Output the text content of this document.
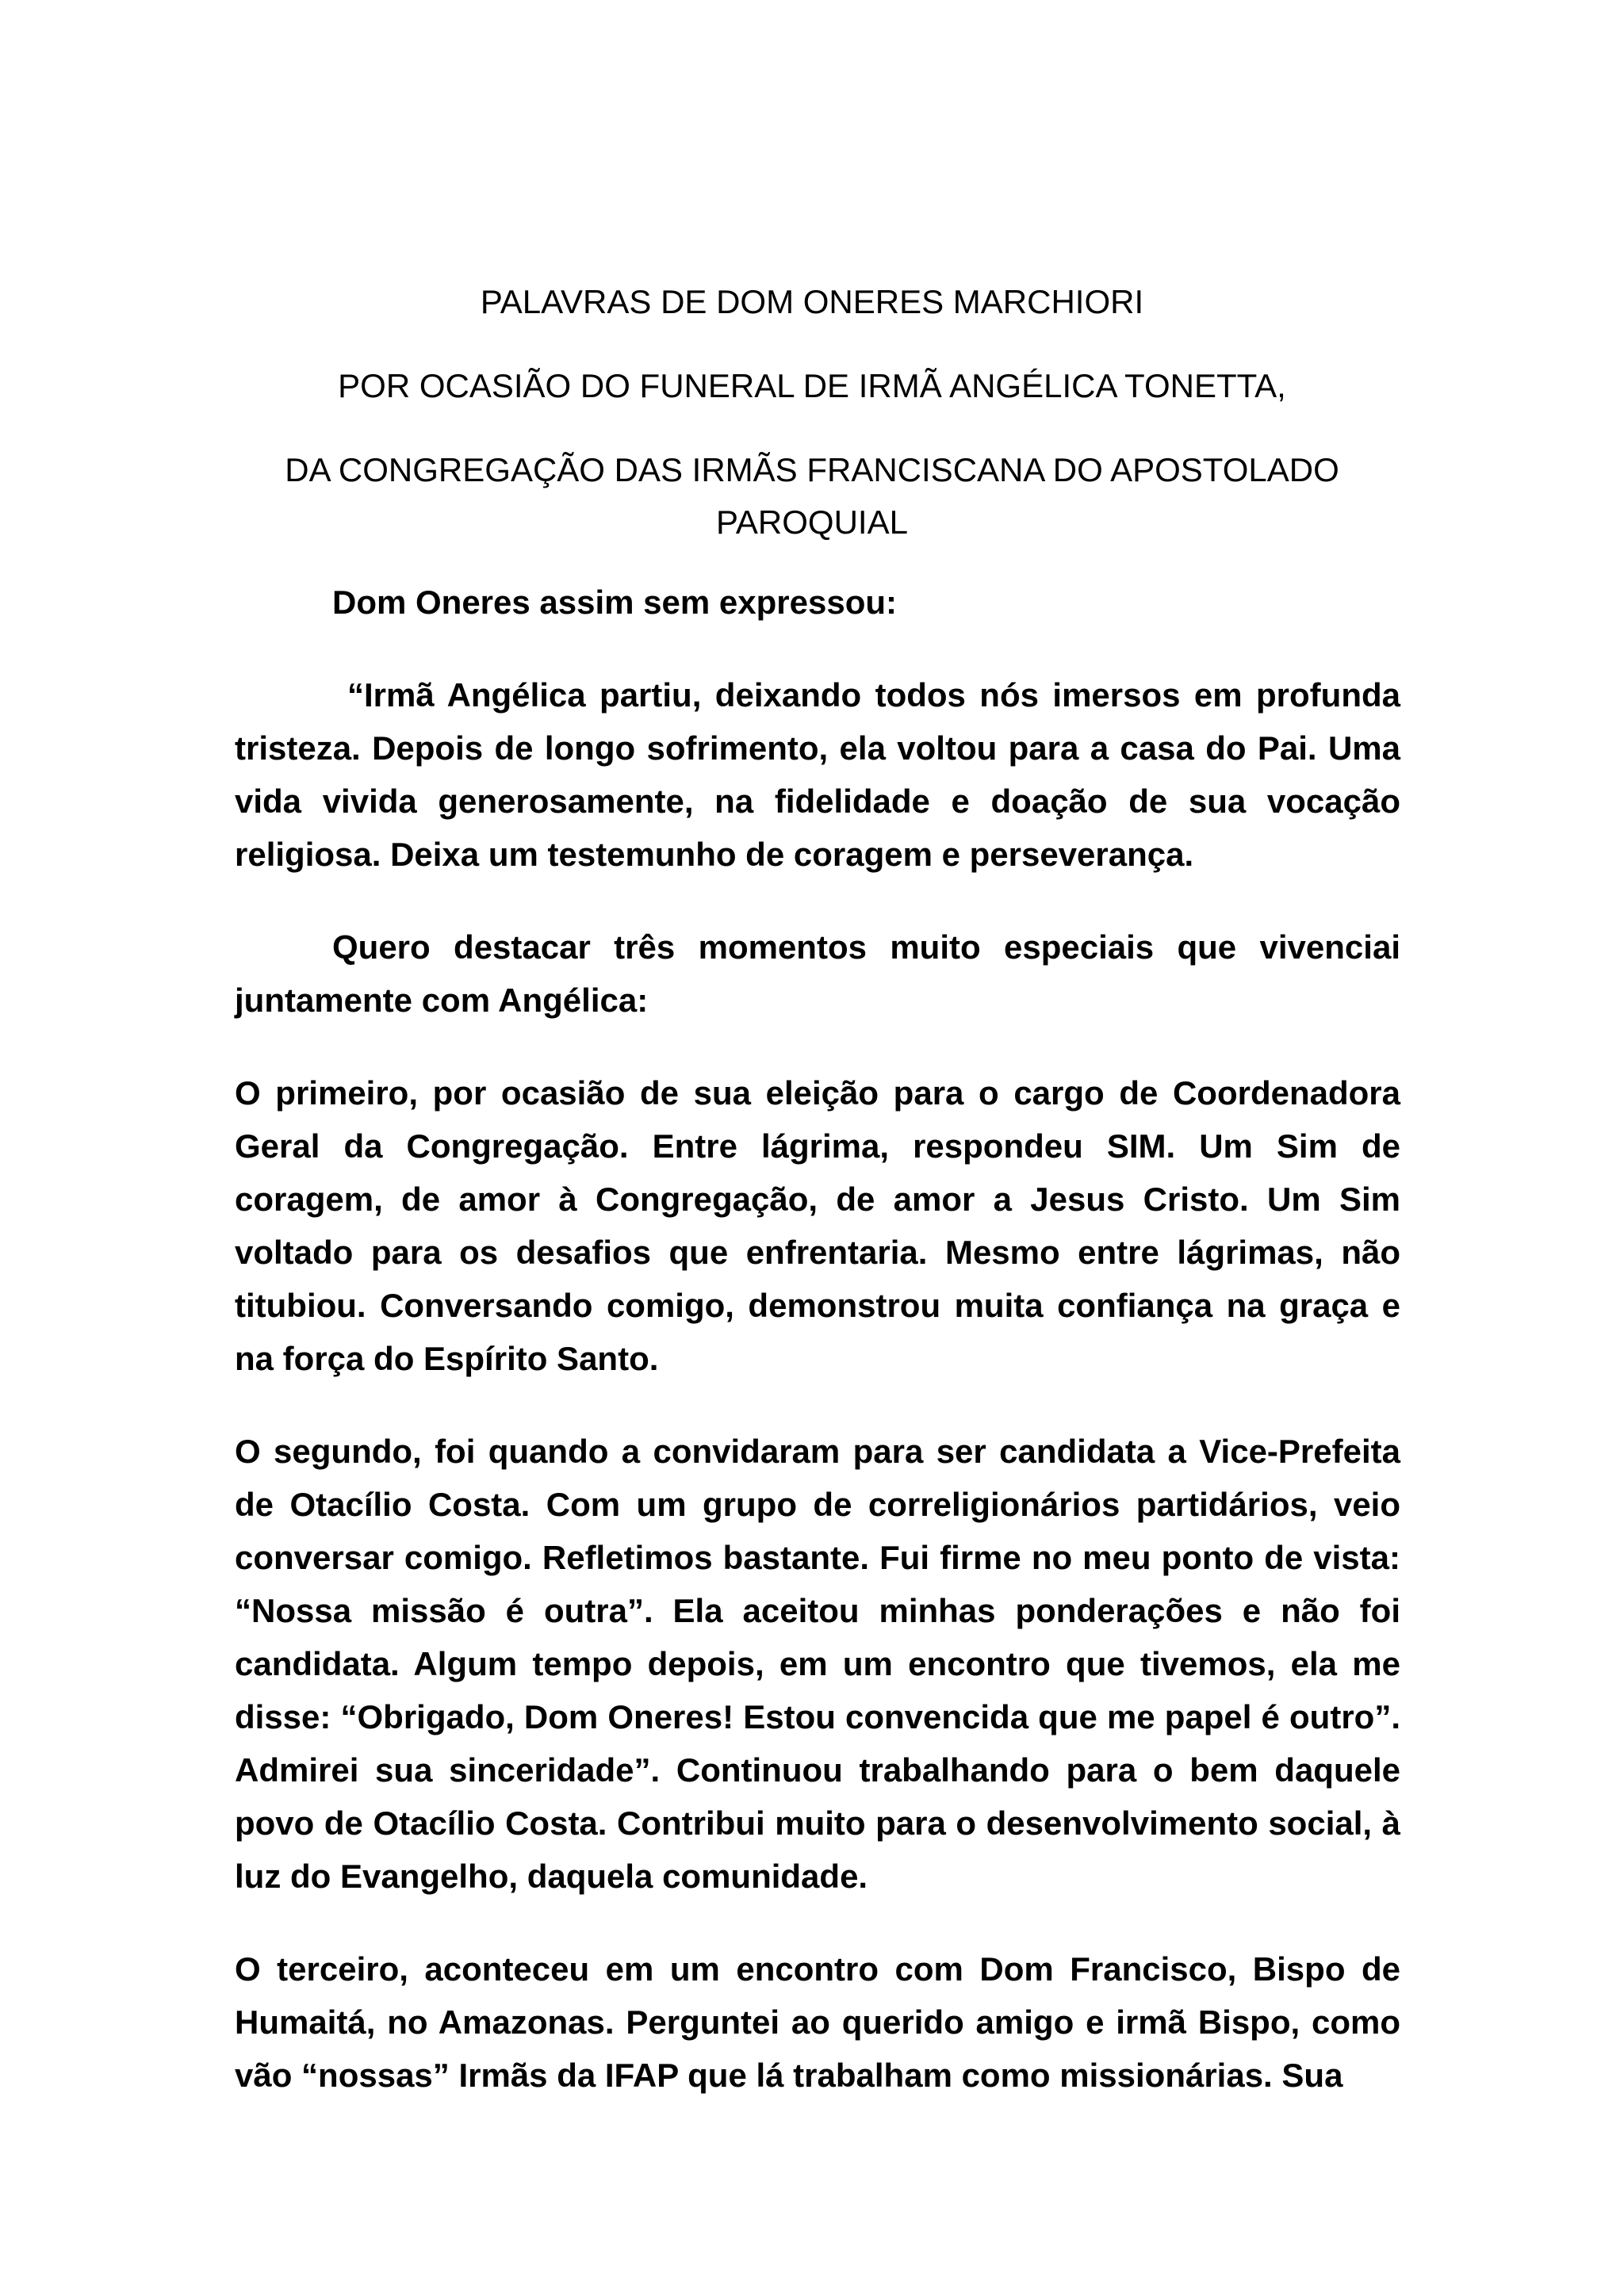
PALAVRAS DE DOM ONERES MARCHIORI
POR OCASIÃO DO FUNERAL DE IRMÃ ANGÉLICA TONETTA,
DA CONGREGAÇÃO DAS IRMÃS FRANCISCANA DO APOSTOLADO
PAROQUIAL

Dom Oneres assim sem expressou:

“Irmã Angélica partiu, deixando todos nós imersos em profunda tristeza. Depois de longo sofrimento, ela voltou para a casa do Pai. Uma vida vivida generosamente, na fidelidade e doação de sua vocação religiosa. Deixa um testemunho de coragem e perseverança.

Quero destacar três momentos muito especiais que vivenciai juntamente com Angélica:

O primeiro, por ocasião de sua eleição para o cargo de Coordenadora Geral da Congregação. Entre lágrima, respondeu SIM. Um Sim de coragem, de amor à Congregação, de amor a Jesus Cristo. Um Sim voltado para os desafios que enfrentaria. Mesmo entre lágrimas, não titubiou. Conversando comigo, demonstrou muita confiança na graça e na força do Espírito Santo.

O segundo, foi quando a convidaram para ser candidata a Vice-Prefeita de Otacílio Costa. Com um grupo de correligionários partidários, veio conversar comigo. Refletimos bastante. Fui firme no meu ponto de vista: “Nossa missão é outra”. Ela aceitou minhas ponderações e não foi candidata. Algum tempo depois, em um encontro que tivemos, ela me disse: “Obrigado, Dom Oneres! Estou convencida que me papel é outro”. Admirei sua sinceridade”. Continuou trabalhando para o bem daquele povo de Otacílio Costa. Contribui muito para o desenvolvimento social, à luz do Evangelho, daquela comunidade.

O terceiro, aconteceu em um encontro com Dom Francisco, Bispo de Humaitá, no Amazonas. Perguntei ao querido amigo e irmã Bispo, como vão “nossas” Irmãs da IFAP que lá trabalham como missionárias. Sua
